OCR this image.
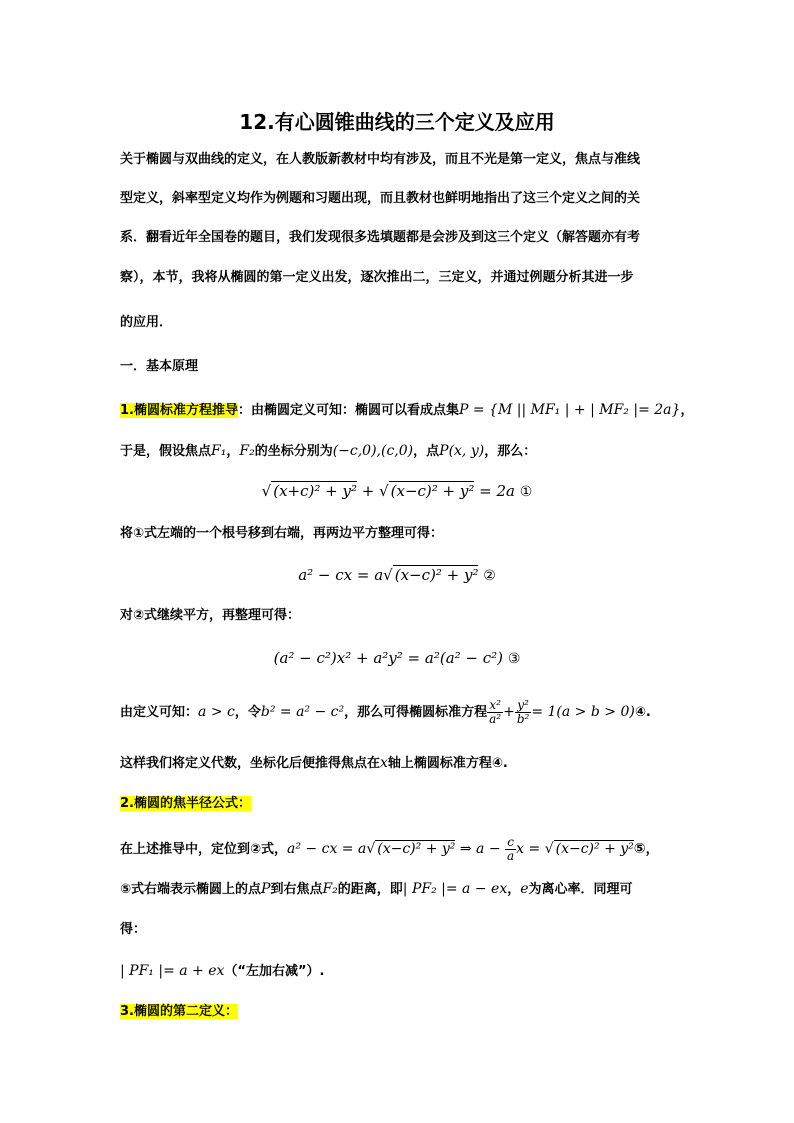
12.有心圆锥曲线的三个定义及应用
关于椭圆与双曲线的定义，在人教版新教材中均有涉及，而且不光是第一定义，焦点与准线
型定义，斜率型定义均作为例题和习题出现，而且教材也鲜明地指出了这三个定义之间的关
系．翻看近年全国卷的题目，我们发现很多选填题都是会涉及到这三个定义（解答题亦有考
察），本节，我将从椭圆的第一定义出发，逐次推出二，三定义，并通过例题分析其进一步
的应用．
一．基本原理
1.椭圆标准方程推导：由椭圆定义可知：椭圆可以看成点集P = {M || MF₁ | + | MF₂ |= 2a}，
于是，假设焦点F₁，F₂的坐标分别为(−c,0),(c,0)，点P(x, y)，那么：
√ (x+c)² + y² + √ (x−c)² + y² = 2a ①
将①式左端的一个根号移到右端，再两边平方整理可得：
a² − cx = a√ (x−c)² + y² ②
对②式继续平方，再整理可得：
(a² − c²)x² + a²y² = a²(a² − c²) ③
由定义可知：a > c，令b² = a² − c²，那么可得椭圆标准方程 $\frac{\text{x²}}{\text{a²}} + \frac{\text{y²}}{\text{b²}} = 1(a > b$ > 0)④.
这样我们将定义代数，坐标化后便推得焦点在x轴上椭圆标准方程④.
2.椭圆的焦半径公式：
在上述推导中，定位到②式，a² − cx = a√ (x−c)² + y² ⇒ $a - \frac{c}{a}$ x = √ (x−c)² + y²⑤，
⑤式右端表示椭圆上的点P到右焦点F₂的距离，即| PF₂ |= a − ex，e为离心率．同理可
得：
| PF₁ |= a + ex（“左加右减”）.
3.椭圆的第二定义：
